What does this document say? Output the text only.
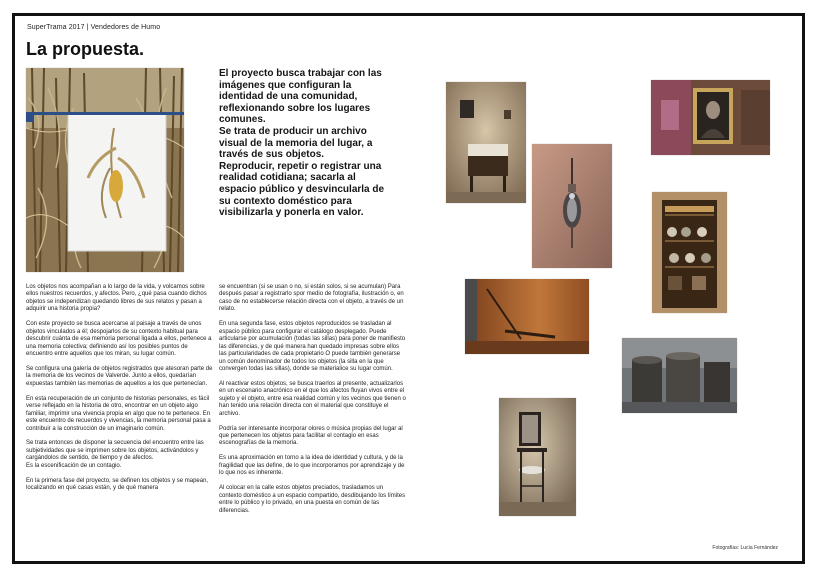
SuperTrama 2017 | Vendedores de Humo
La propuesta.

El proyecto busca trabajar con las imágenes que configuran la identidad de una comunidad, reflexionando sobre los lugares comunes.

Se trata de producir un archivo visual de la memoria del lugar, a través de sus objetos.

Reproducir, repetir o registrar una realidad cotidiana; sacarla al espacio público y desvincularla de su contexto doméstico para visibilizarla y ponerla en valor.

Los objetos nos acompañan a lo largo de la vida, y volcamos sobre ellos nuestros recuerdos, y afectos. Pero, ¿qué pasa cuando dichos objetos se independizan quedando libres de sus relatos y pasan a adquirir una historia propia?

Con este proyecto se busca acercarse al paisaje a través de unos objetos vinculados a él; despojarlos de su contexto habitual para descubrir cuánta de esa memoria personal ligada a ellos, pertenece a una memoria colectiva; definiendo así los posibles puntos de encuentro entre aquellos que los miran, su lugar común.

Se configura una galería de objetos registrados que atesoran parte de la memoria de los vecinos de Valverde. Junto a ellos, quedarían expuestas también las memorias de aquellos a los que pertenecían.

En esta recuperación de un conjunto de historias personales, es fácil verse reflejado en la historia de otro, encontrar en un objeto algo familiar, imprimir una vivencia propia en algo que no te pertenece. En este encuentro de recuerdos y vivencias, la memoria personal pasa a contribuir a la construcción de un imaginario común.

Se trata entonces de disponer la secuencia del encuentro entre las subjetividades que se imprimen sobre los objetos, activándolos y cargándolos de sentido, de tiempo y de afectos.

Es la escenificación de un contagio.

En la primera fase del proyecto, se definen los objetos y se mapean, localizando en qué casas están, y de qué manera

se encuentran (si se usan o no, si están solos, si se acumulan) Para después pasar a registrarlo spor medio de fotografía, ilustración o, en caso de no establecerse relación directa con el objeto, a través de un relato.

En una segunda fase, estos objetos reproducidos se trasladan al espacio público para configurar el catálogo desplegado. Puede articularse por acumulación (todas las sillas) para poner de manifiesto las diferencias, y de qué manera han quedado impresas sobre ellos las particularidades de cada propietario O puede también generarse un común denominador de todos los objetos (la silla en la que convergen todas las sillas), donde se materialice su lugar común.

Al reactivar estos objetos, se busca traerlos al presente, actualizarlos en un escenario anacrónico en el que los afectos fluyan vivos entre el sujeto y el objeto, entre esa realidad común y los vecinos que tienen o han tenido una relación directa con el material que constituye el archivo.

Podría ser interesante incorporar olores o música propias del lugar al que pertenecen los objetos para facilitar el contagio en esas escenografías de la memoria.

Es una aproximación en torno a la idea de identidad y cultura, y de la fragilidad que las define, de lo que incorporamos por aprendizaje y de lo que nos es inherente.

Al colocar en la calle estos objetos preciados, trasladamos un contexto doméstico a un espacio compartido, desdibujando los límites entre lo público y lo privado, en una puesta en común de las diferencias.

Fotografías: Lucía Fernández
